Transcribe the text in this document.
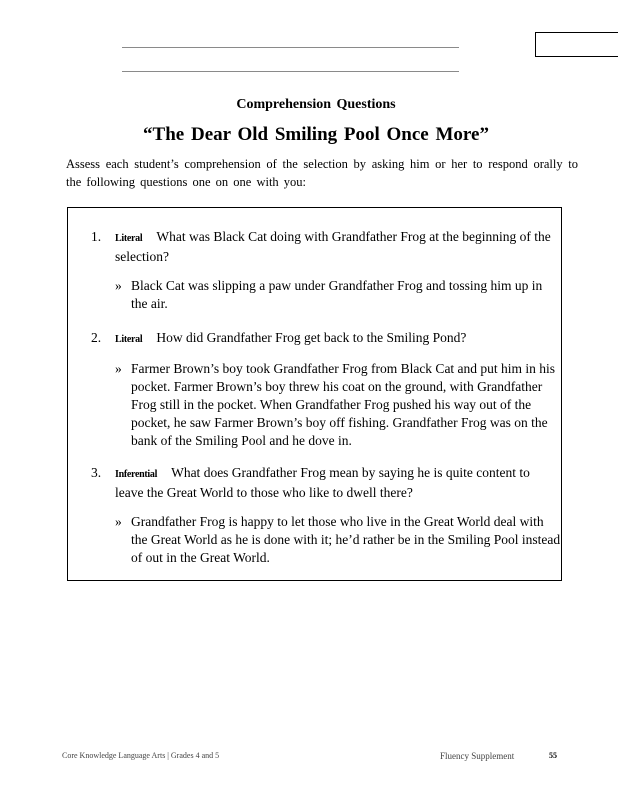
Comprehension Questions
“The Dear Old Smiling Pool Once More”
Assess each student’s comprehension of the selection by asking him or her to respond orally to the following questions one on one with you:
1.	Literal What was Black Cat doing with Grandfather Frog at the beginning of the selection?
» Black Cat was slipping a paw under Grandfather Frog and tossing him up in the air.
2.	Literal How did Grandfather Frog get back to the Smiling Pond?
» Farmer Brown’s boy took Grandfather Frog from Black Cat and put him in his pocket. Farmer Brown’s boy threw his coat on the ground, with Grandfather Frog still in the pocket. When Grandfather Frog pushed his way out of the pocket, he saw Farmer Brown’s boy off fishing. Grandfather Frog was on the bank of the Smiling Pool and he dove in.
3.	Inferential What does Grandfather Frog mean by saying he is quite content to leave the Great World to those who like to dwell there?
» Grandfather Frog is happy to let those who live in the Great World deal with the Great World as he is done with it; he’d rather be in the Smiling Pool instead of out in the Great World.
Core Knowledge Language Arts | Grades 4 and 5	Fluency Supplement	55
